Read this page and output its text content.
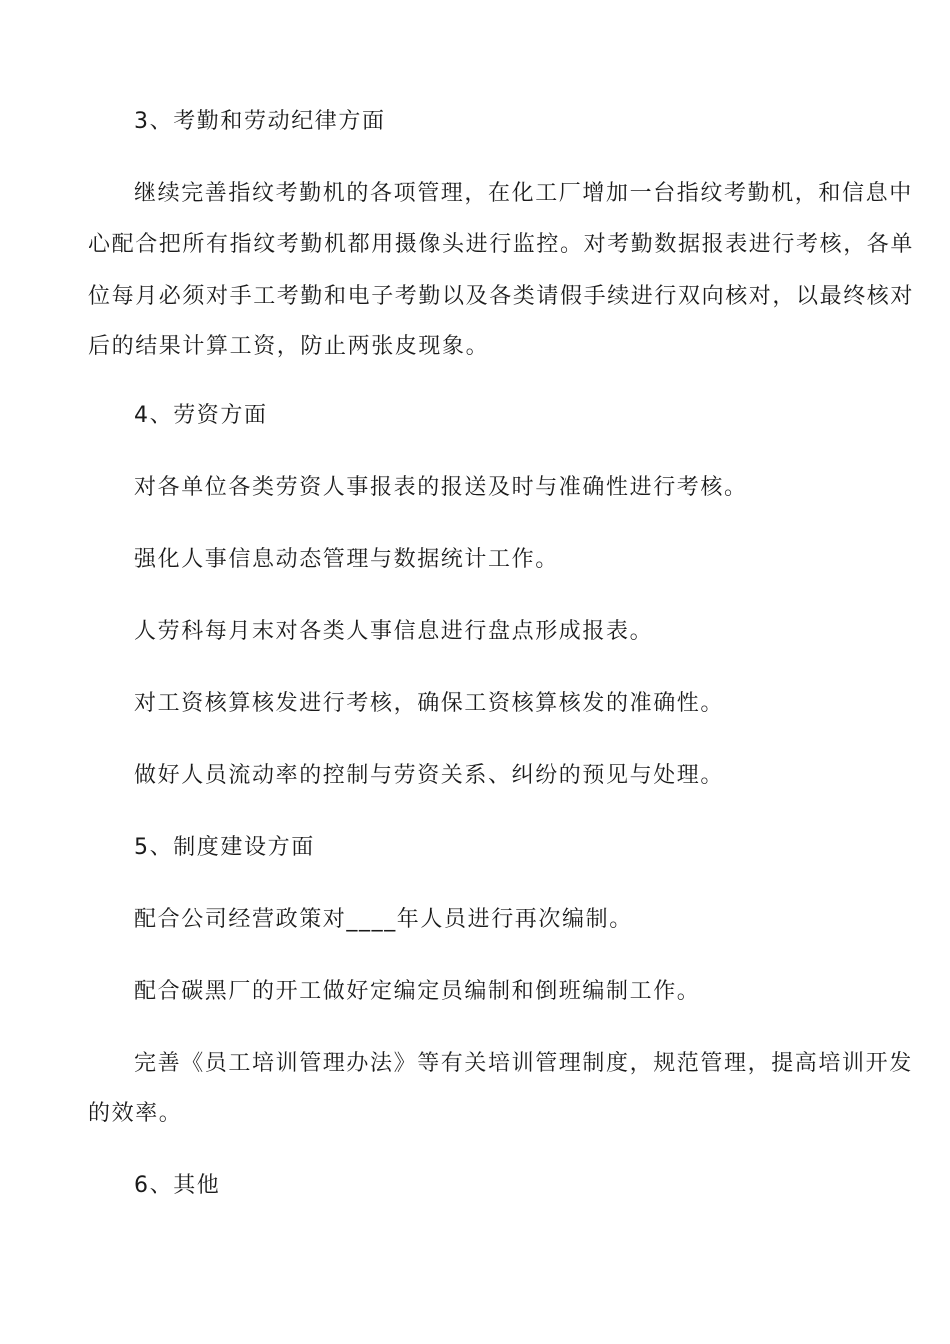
3、考勤和劳动纪律方面
继续完善指纹考勤机的各项管理，在化工厂增加一台指纹考勤机，和信息中
心配合把所有指纹考勤机都用摄像头进行监控。对考勤数据报表进行考核，各单
位每月必须对手工考勤和电子考勤以及各类请假手续进行双向核对，以最终核对
后的结果计算工资，防止两张皮现象。
4、劳资方面
对各单位各类劳资人事报表的报送及时与准确性进行考核。
强化人事信息动态管理与数据统计工作。
人劳科每月末对各类人事信息进行盘点形成报表。
对工资核算核发进行考核，确保工资核算核发的准确性。
做好人员流动率的控制与劳资关系、纠纷的预见与处理。
5、制度建设方面
配合公司经营政策对____年人员进行再次编制。
配合碳黑厂的开工做好定编定员编制和倒班编制工作。
完善《员工培训管理办法》等有关培训管理制度，规范管理，提高培训开发
的效率。
6、其他
